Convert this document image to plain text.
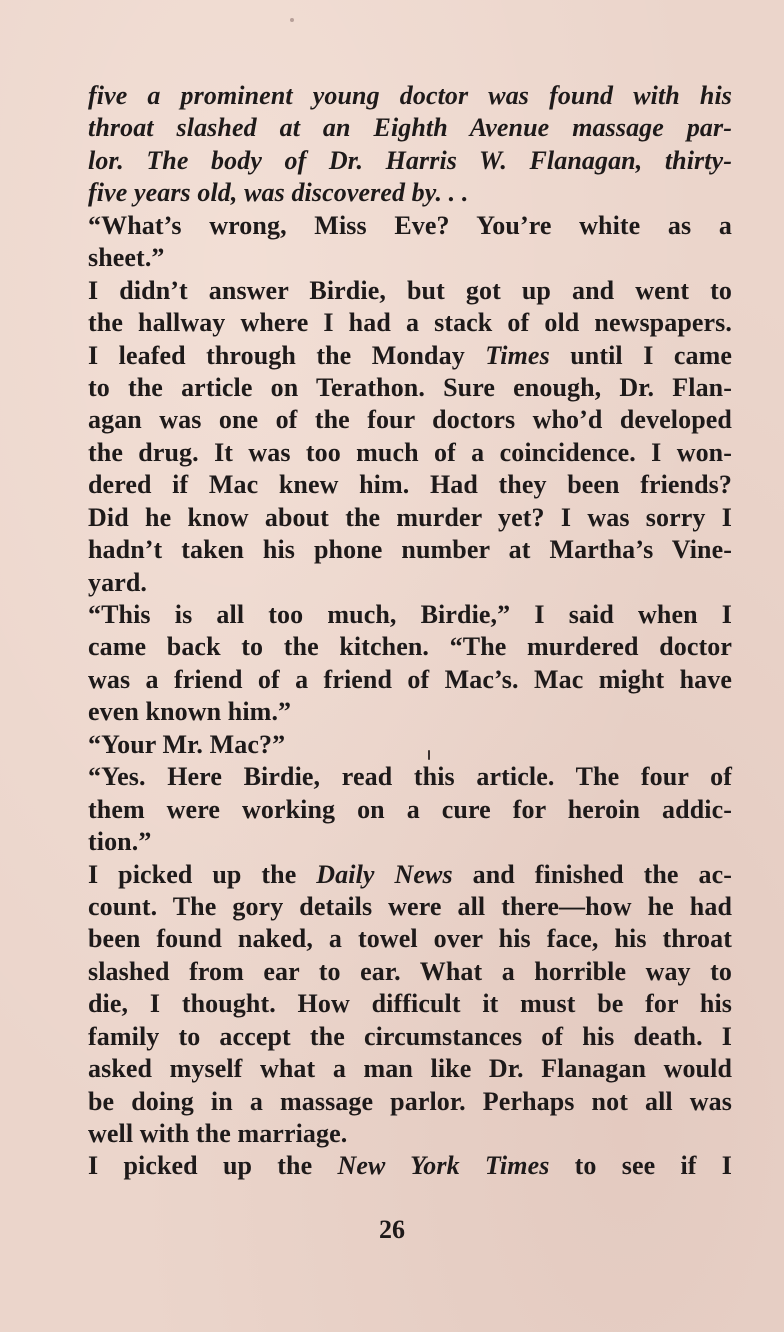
five a prominent young doctor was found with his
throat slashed at an Eighth Avenue massage par-
lor. The body of Dr. Harris W. Flanagan, thirty-
five years old, was discovered by. . .
“What’s wrong, Miss Eve? You’re white as a
sheet.”
I didn’t answer Birdie, but got up and went to
the hallway where I had a stack of old newspapers.
I leafed through the Monday Times until I came
to the article on Terathon. Sure enough, Dr. Flan-
agan was one of the four doctors who’d developed
the drug. It was too much of a coincidence. I won-
dered if Mac knew him. Had they been friends?
Did he know about the murder yet? I was sorry I
hadn’t taken his phone number at Martha’s Vine-
yard.
“This is all too much, Birdie,” I said when I
came back to the kitchen. “The murdered doctor
was a friend of a friend of Mac’s. Mac might have
even known him.”
“Your Mr. Mac?”
“Yes. Here Birdie, read this article. The four of
them were working on a cure for heroin addic-
tion.”
I picked up the Daily News and finished the ac-
count. The gory details were all there—how he had
been found naked, a towel over his face, his throat
slashed from ear to ear. What a horrible way to
die, I thought. How difficult it must be for his
family to accept the circumstances of his death. I
asked myself what a man like Dr. Flanagan would
be doing in a massage parlor. Perhaps not all was
well with the marriage.
I picked up the New York Times to see if I
26
